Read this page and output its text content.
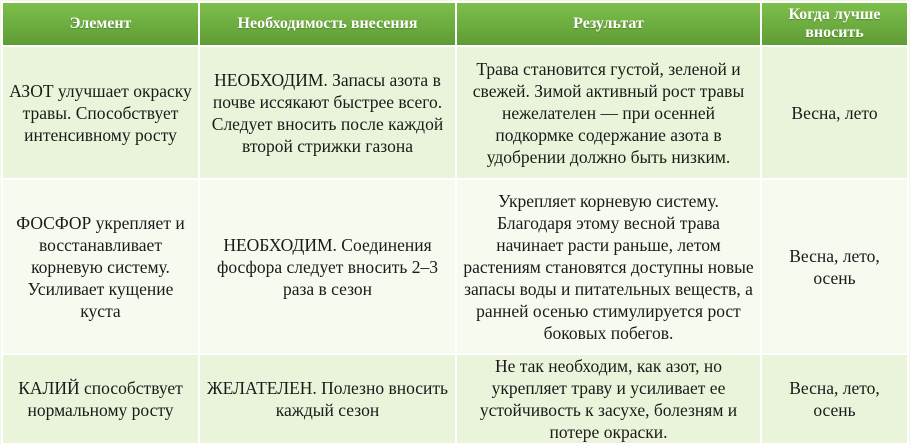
Элемент	Необходимость внесения	Результат	Когда лучше вносить
АЗОТ улучшает окраску травы. Способствует интенсивному росту	НЕОБХОДИМ. Запасы азота в почве иссякают быстрее всего. Следует вносить после каждой второй стрижки газона	Трава становится густой, зеленой и свежей. Зимой активный рост травы нежелателен — при осенней подкормке содержание азота в удобрении должно быть низким.	Весна, лето
ФОСФОР укрепляет и восстанавливает корневую систему. Усиливает кущение куста	НЕОБХОДИМ. Соединения фосфора следует вносить 2–3 раза в сезон	Укрепляет корневую систему. Благодаря этому весной трава начинает расти раньше, летом растениям становятся доступны новые запасы воды и питательных веществ, а ранней осенью стимулируется рост боковых побегов.	Весна, лето, осень
КАЛИЙ способствует нормальному росту	ЖЕЛАТЕЛЕН. Полезно вносить каждый сезон	Не так необходим, как азот, но укрепляет траву и усиливает ее устойчивость к засухе, болезням и потере окраски.	Весна, лето, осень
